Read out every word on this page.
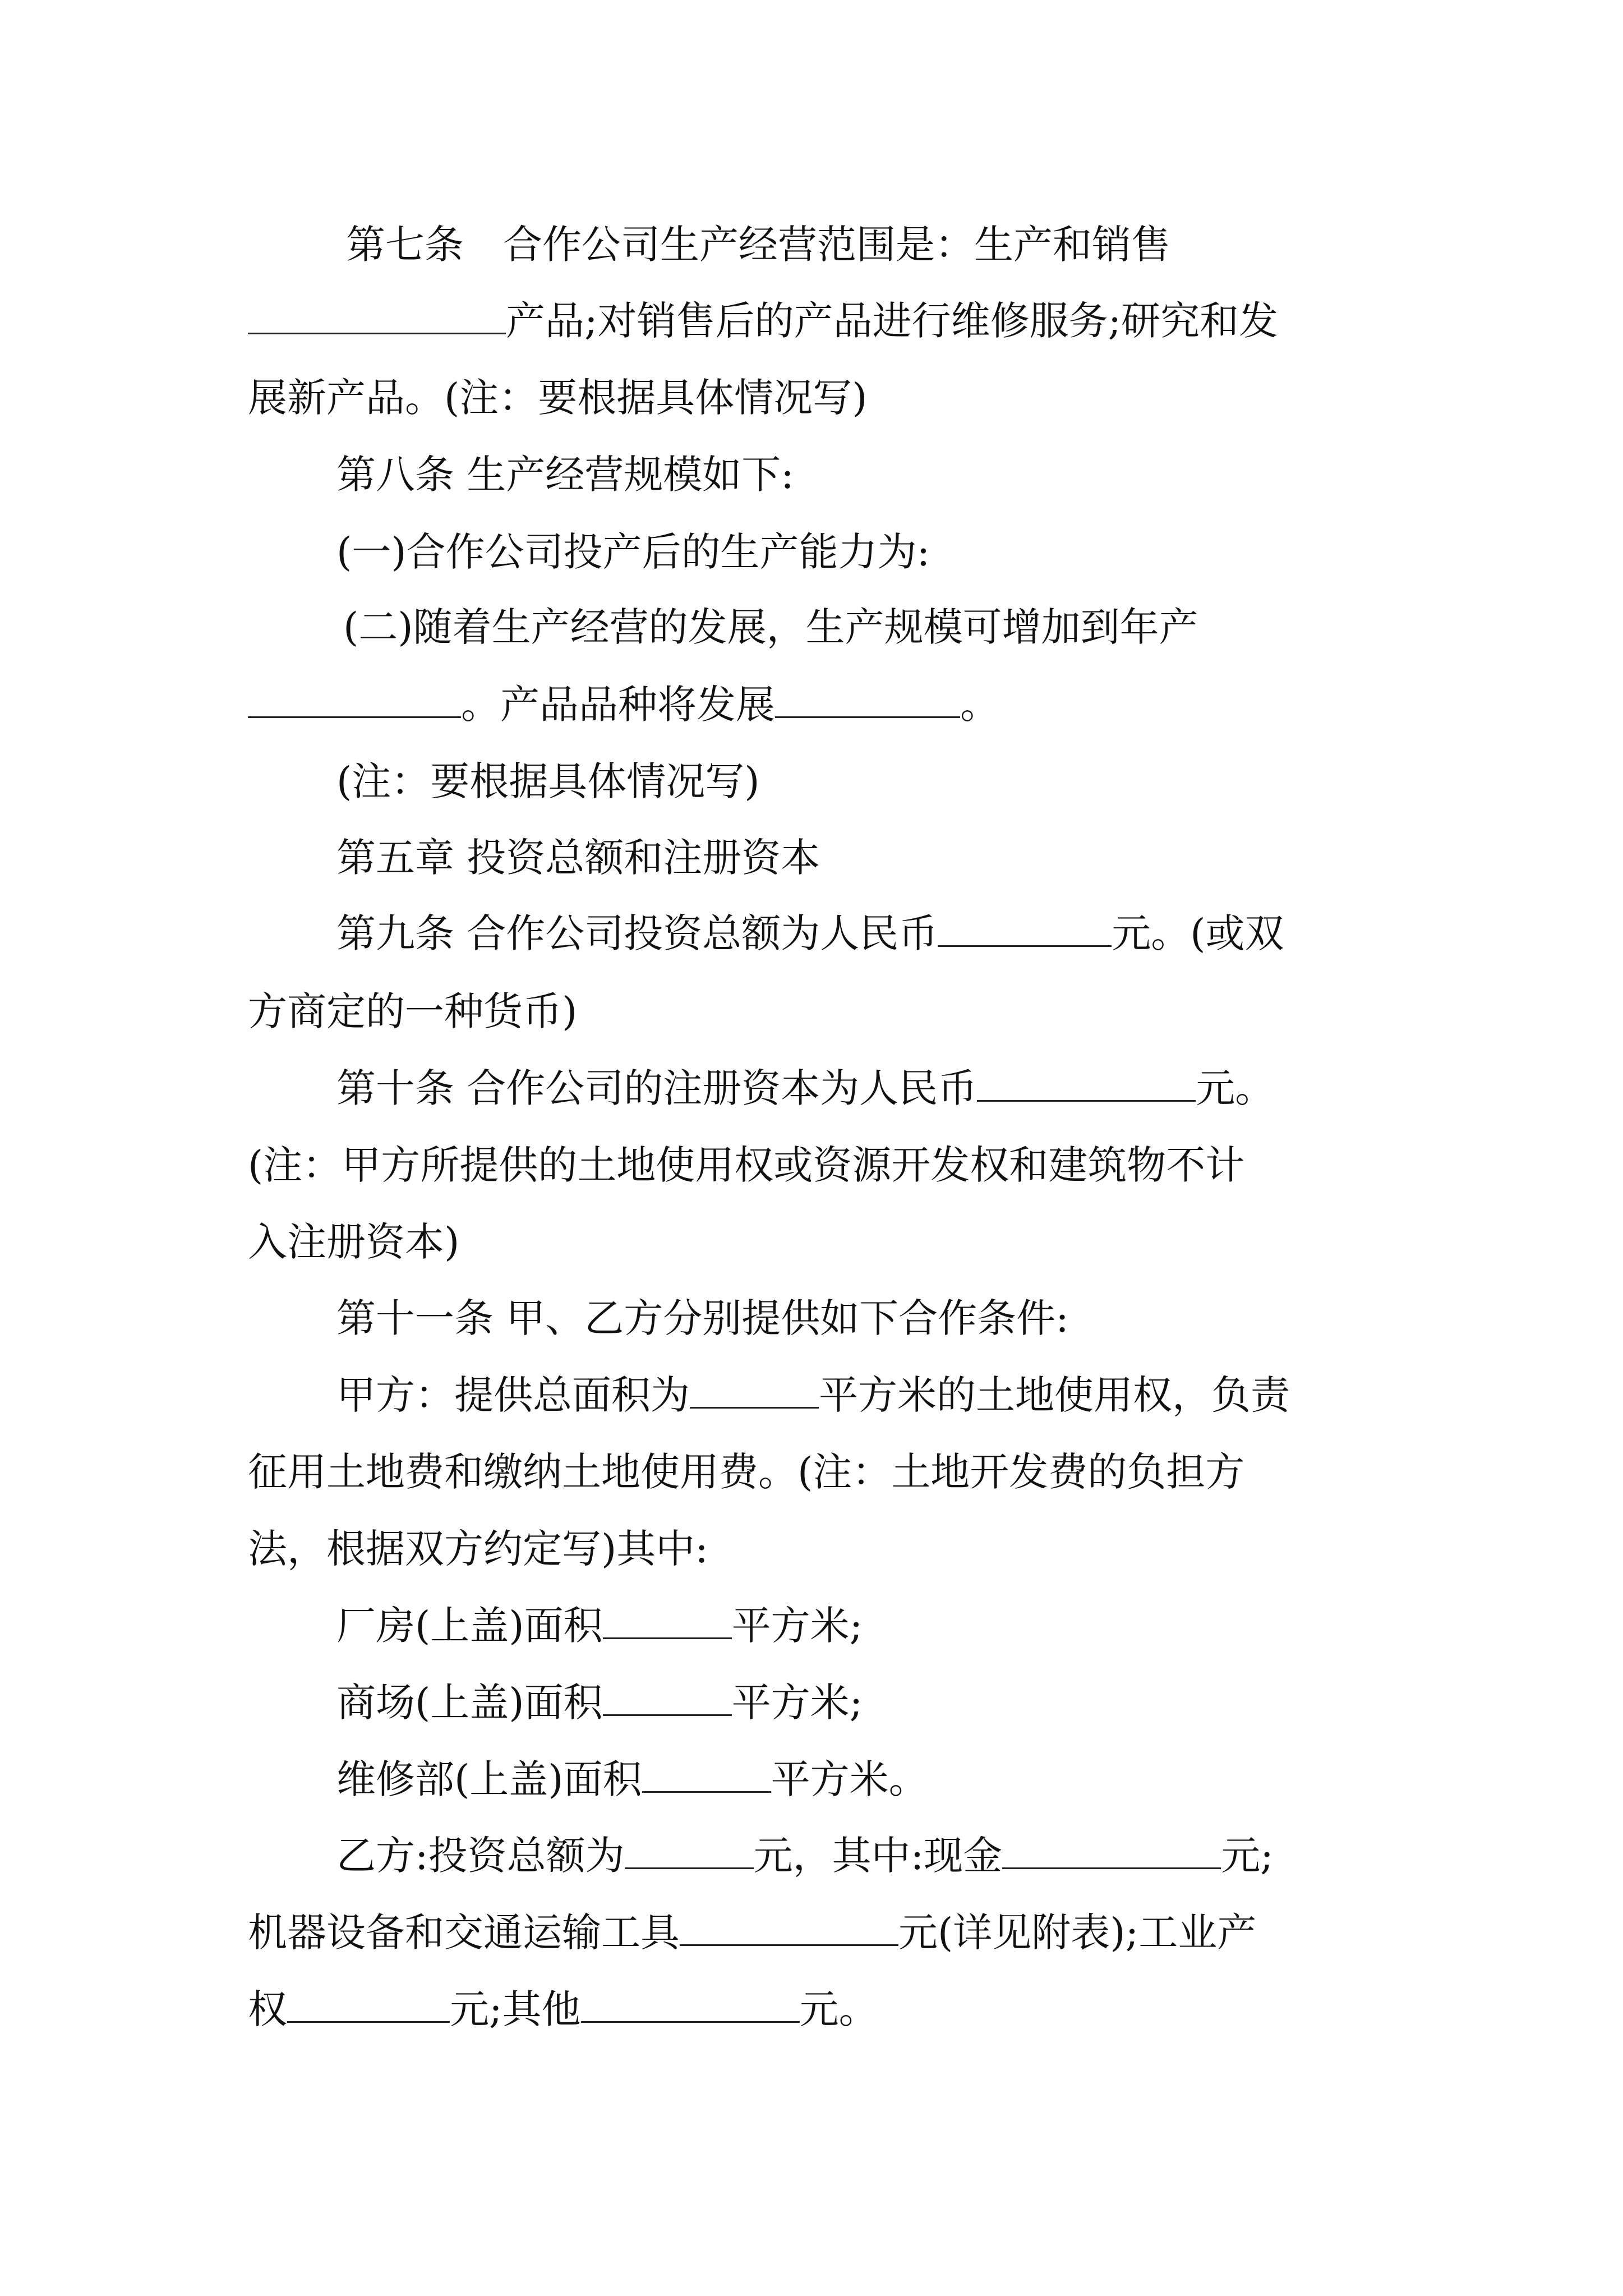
第七条　合作公司生产经营范围是：生产和销售
产品;对销售后的产品进行维修服务;研究和发
展新产品。(注：要根据具体情况写)
第八条 生产经营规模如下:
(一)合作公司投产后的生产能力为:
(二)随着生产经营的发展，生产规模可增加到年产
。产品品种将发展	。
(注：要根据具体情况写)
第五章 投资总额和注册资本
第九条 合作公司投资总额为人民币	元。(或双
方商定的一种货币)
第十条 合作公司的注册资本为人民币	元。
(注：甲方所提供的土地使用权或资源开发权和建筑物不计
入注册资本)
第十一条 甲、乙方分别提供如下合作条件:
甲方：提供总面积为	平方米的土地使用权，负责
征用土地费和缴纳土地使用费。(注：土地开发费的负担方
法，根据双方约定写)其中:
厂房(上盖)面积	平方米;
商场(上盖)面积	平方米;
维修部(上盖)面积	平方米。
乙方:投资总额为	元，其中:现金	元;
机器设备和交通运输工具	元(详见附表);工业产
权	元;其他	元。
